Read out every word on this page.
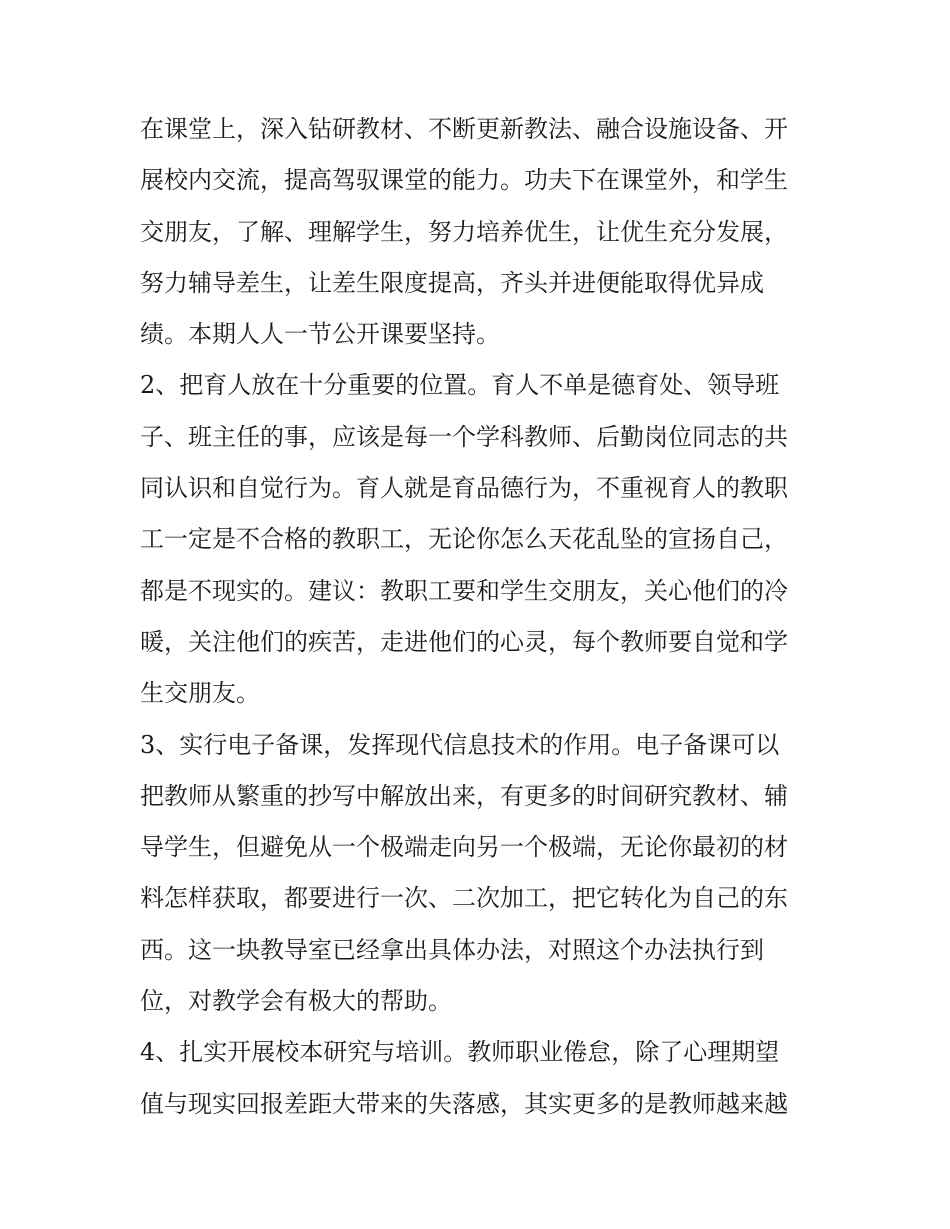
在课堂上，深入钻研教材、不断更新教法、融合设施设备、开
展校内交流，提高驾驭课堂的能力。功夫下在课堂外，和学生
交朋友，了解、理解学生，努力培养优生，让优生充分发展，
努力辅导差生，让差生限度提高，齐头并进便能取得优异成
绩。本期人人一节公开课要坚持。
2、把育人放在十分重要的位置。育人不单是德育处、领导班
子、班主任的事，应该是每一个学科教师、后勤岗位同志的共
同认识和自觉行为。育人就是育品德行为，不重视育人的教职
工一定是不合格的教职工，无论你怎么天花乱坠的宣扬自己，
都是不现实的。建议：教职工要和学生交朋友，关心他们的冷
暖，关注他们的疾苦，走进他们的心灵，每个教师要自觉和学
生交朋友。
3、实行电子备课，发挥现代信息技术的作用。电子备课可以
把教师从繁重的抄写中解放出来，有更多的时间研究教材、辅
导学生，但避免从一个极端走向另一个极端，无论你最初的材
料怎样获取，都要进行一次、二次加工，把它转化为自己的东
西。这一块教导室已经拿出具体办法，对照这个办法执行到
位，对教学会有极大的帮助。
4、扎实开展校本研究与培训。教师职业倦怠，除了心理期望
值与现实回报差距大带来的失落感，其实更多的是教师越来越
